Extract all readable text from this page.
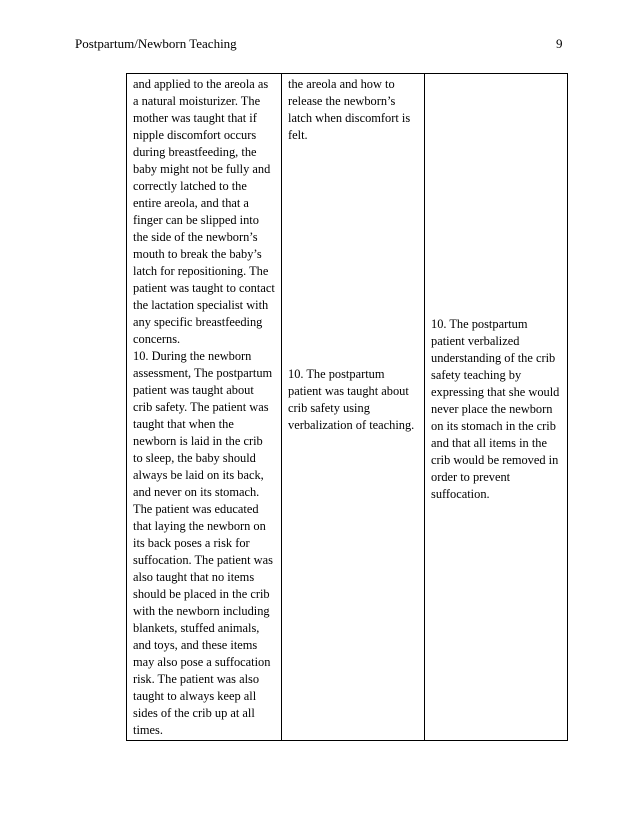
Postpartum/Newborn Teaching	9
and applied to the areola as a natural moisturizer. The mother was taught that if nipple discomfort occurs during breastfeeding, the baby might not be fully and correctly latched to the entire areola, and that a finger can be slipped into the side of the newborn’s mouth to break the baby’s latch for repositioning. The patient was taught to contact the lactation specialist with any specific breastfeeding concerns.
10. During the newborn assessment, The postpartum patient was taught about crib safety. The patient was taught that when the newborn is laid in the crib to sleep, the baby should always be laid on its back, and never on its stomach. The patient was educated that laying the newborn on its back poses a risk for suffocation. The patient was also taught that no items should be placed in the crib with the newborn including blankets, stuffed animals, and toys, and these items may also pose a suffocation risk. The patient was also taught to always keep all sides of the crib up at all times.
the areola and how to release the newborn’s latch when discomfort is felt.
10. The postpartum patient was taught about crib safety using verbalization of teaching.
10. The postpartum patient verbalized understanding of the crib safety teaching by expressing that she would never place the newborn on its stomach in the crib and that all items in the crib would be removed in order to prevent suffocation.
